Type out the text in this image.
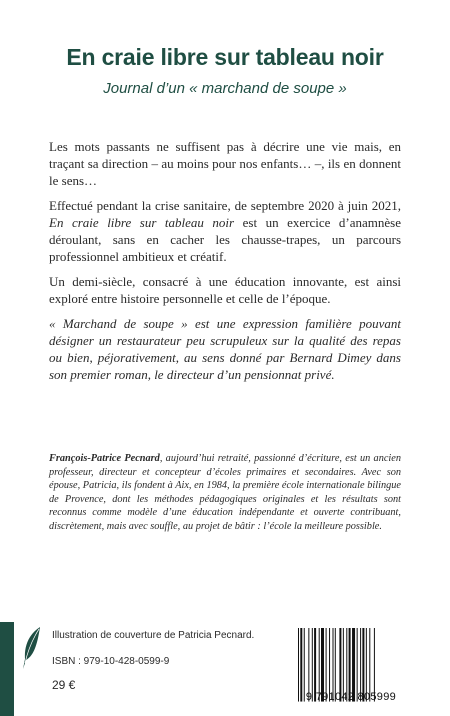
En craie libre sur tableau noir

Journal d’un « marchand de soupe »

Les mots passants ne suffisent pas à décrire une vie mais, en traçant sa direction – au moins pour nos enfants… –, ils en donnent le sens…

Effectué pendant la crise sanitaire, de septembre 2020 à juin 2021, En craie libre sur tableau noir est un exercice d’anamnèse déroulant, sans en cacher les chausse-trapes, un parcours professionnel ambitieux et créatif.

Un demi-siècle, consacré à une éducation innovante, est ainsi exploré entre histoire personnelle et celle de l’époque.

« Marchand de soupe » est une expression familière pouvant désigner un restaurateur peu scrupuleux sur la qualité des repas ou bien, péjorativement, au sens donné par Bernard Dimey dans son premier roman, le directeur d’un pensionnat privé.

François-Patrice Pecnard, aujourd’hui retraité, passionné d’écriture, est un ancien professeur, directeur et concepteur d’écoles primaires et secondaires. Avec son épouse, Patricia, ils fondent à Aix, en 1984, la première école internationale bilingue de Provence, dont les méthodes pédagogiques originales et les résultats sont reconnus comme modèle d’une éducation indépendante et ouverte contribuant, discrètement, mais avec souffle, au projet de bâtir : l’école la meilleure possible.

Illustration de couverture de Patricia Pecnard.
ISBN : 979-10-428-0599-9
29 €
9 791042 805999
